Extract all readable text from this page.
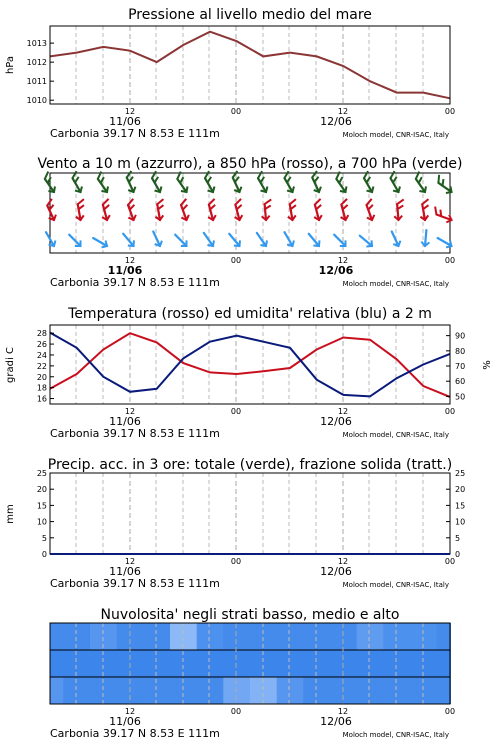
Pressione al livello medio del mare
1013
1012
1011
1010
hPa
12	00	12	00
11/06	12/06
Carbonia 39.17 N 8.53 E 111m	Moloch model, CNR-ISAC, Italy
Vento a 10 m (azzurro), a 850 hPa (rosso), a 700 hPa (verde)
12	00	12	00
11/06	12/06
Carbonia 39.17 N 8.53 E 111m	Moloch model, CNR-ISAC, Italy
Temperatura (rosso) ed umidita' relativa (blu) a 2 m
28
26
24
22
20
18
16
90
80
70
60
50
gradi C	%
12	00	12	00
11/06	12/06
Carbonia 39.17 N 8.53 E 111m	Moloch model, CNR-ISAC, Italy
Precip. acc. in 3 ore: totale (verde), frazione solida (tratt.)
25
20
15
10
5
0
25
20
15
10
5
0
mm
12	00	12	00
11/06	12/06
Carbonia 39.17 N 8.53 E 111m	Moloch model, CNR-ISAC, Italy
Nuvolosita' negli strati basso, medio e alto
12	00	12	00
11/06	12/06
Carbonia 39.17 N 8.53 E 111m	Moloch model, CNR-ISAC, Italy
